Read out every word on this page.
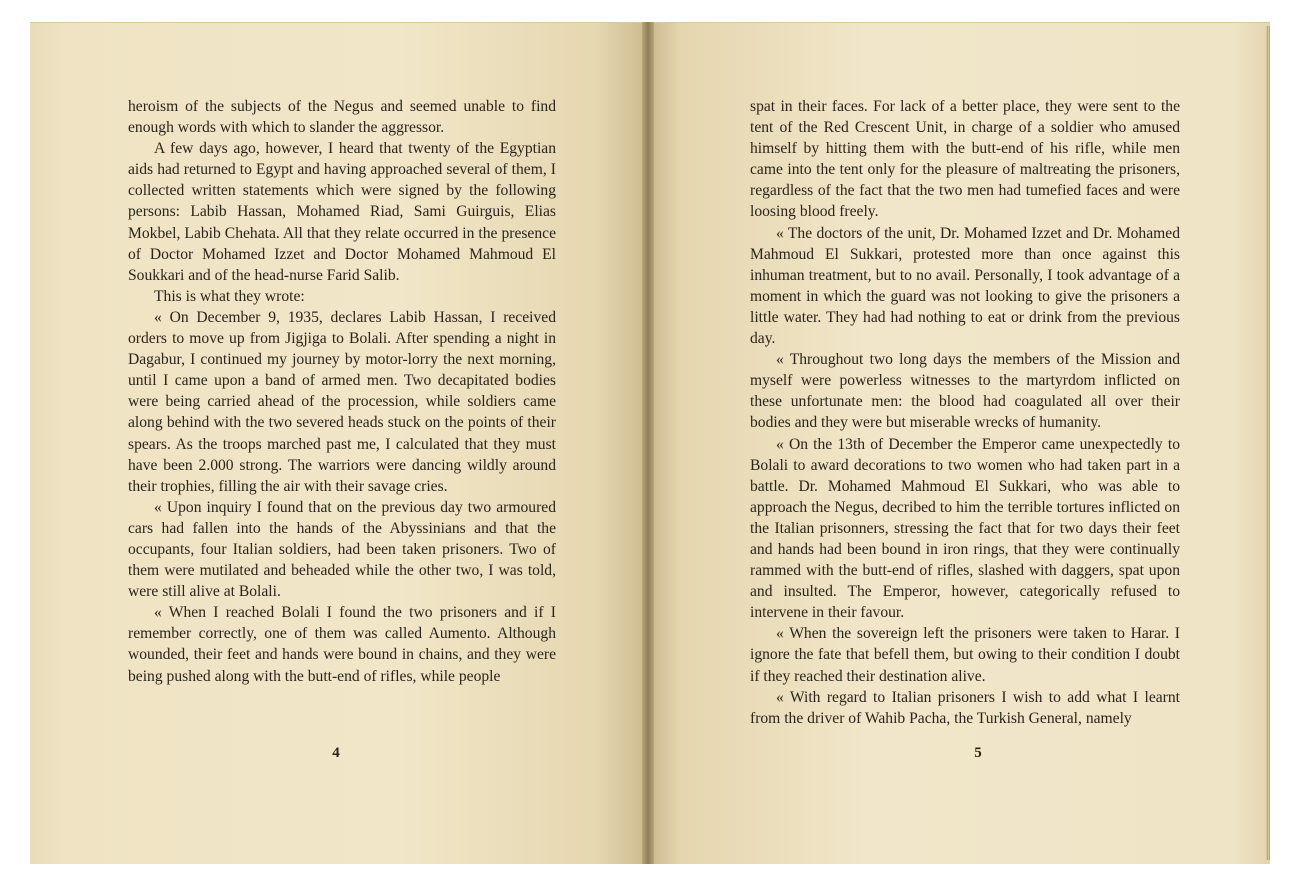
heroism of the subjects of the Negus and seemed unable to find enough words with which to slander the aggressor.

A few days ago, however, I heard that twenty of the Egyptian aids had returned to Egypt and having approached several of them, I collected written statements which were signed by the following persons: Labib Hassan, Mohamed Riad, Sami Guirguis, Elias Mokbel, Labib Chehata. All that they relate occurred in the presence of Doctor Mohamed Izzet and Doctor Mohamed Mahmoud El Soukkari and of the head-nurse Farid Salib.

This is what they wrote:

« On December 9, 1935, declares Labib Hassan, I received orders to move up from Jigjiga to Bolali. After spending a night in Dagabur, I continued my journey by motor-lorry the next morning, until I came upon a band of armed men. Two decapitated bodies were being carried ahead of the procession, while soldiers came along behind with the two severed heads stuck on the points of their spears. As the troops marched past me, I calculated that they must have been 2.000 strong. The warriors were dancing wildly around their trophies, filling the air with their savage cries.

« Upon inquiry I found that on the previous day two armoured cars had fallen into the hands of the Abyssinians and that the occupants, four Italian soldiers, had been taken prisoners. Two of them were mutilated and beheaded while the other two, I was told, were still alive at Bolali.

« When I reached Bolali I found the two prisoners and if I remember correctly, one of them was called Aumento. Although wounded, their feet and hands were bound in chains, and they were being pushed along with the butt-end of rifles, while people

4

spat in their faces. For lack of a better place, they were sent to the tent of the Red Crescent Unit, in charge of a soldier who amused himself by hitting them with the butt-end of his rifle, while men came into the tent only for the pleasure of maltreating the prisoners, regardless of the fact that the two men had tumefied faces and were loosing blood freely.

« The doctors of the unit, Dr. Mohamed Izzet and Dr. Mohamed Mahmoud El Sukkari, protested more than once against this inhuman treatment, but to no avail. Personally, I took advantage of a moment in which the guard was not looking to give the prisoners a little water. They had had nothing to eat or drink from the previous day.

« Throughout two long days the members of the Mission and myself were powerless witnesses to the martyrdom inflicted on these unfortunate men: the blood had coagulated all over their bodies and they were but miserable wrecks of humanity.

« On the 13th of December the Emperor came unexpectedly to Bolali to award decorations to two women who had taken part in a battle. Dr. Mohamed Mahmoud El Sukkari, who was able to approach the Negus, decribed to him the terrible tortures inflicted on the Italian prisonners, stressing the fact that for two days their feet and hands had been bound in iron rings, that they were continually rammed with the butt-end of rifles, slashed with daggers, spat upon and insulted. The Emperor, however, categorically refused to intervene in their favour.

« When the sovereign left the prisoners were taken to Harar. I ignore the fate that befell them, but owing to their condition I doubt if they reached their destination alive.

« With regard to Italian prisoners I wish to add what I learnt from the driver of Wahib Pacha, the Turkish General, namely

5
